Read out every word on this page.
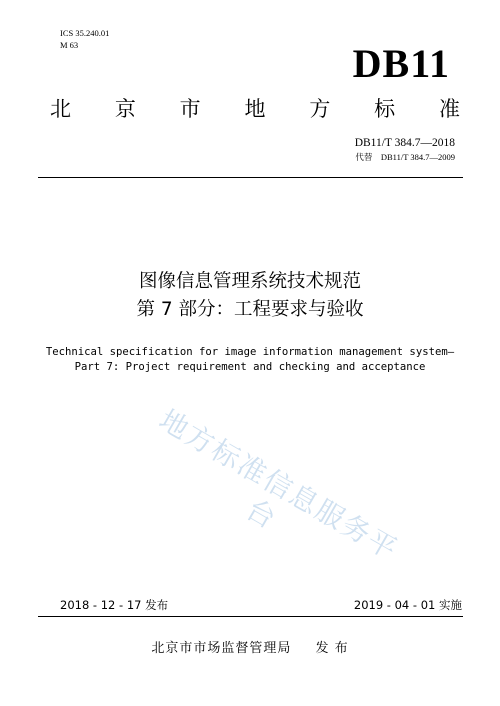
ICS 35.240.01
M 63	DB11
北 京 市 地 方 标 准
DB11/T 384.7—2018
代替　DB11/T 384.7—2009
图像信息管理系统技术规范
第 7 部分：工程要求与验收
Technical specification for image information management system—
Part 7: Project requirement and checking and acceptance
地方标准信息服务平台
2018 - 12 - 17 发布	2019 - 04 - 01 实施
北京市市场监督管理局 发 布
